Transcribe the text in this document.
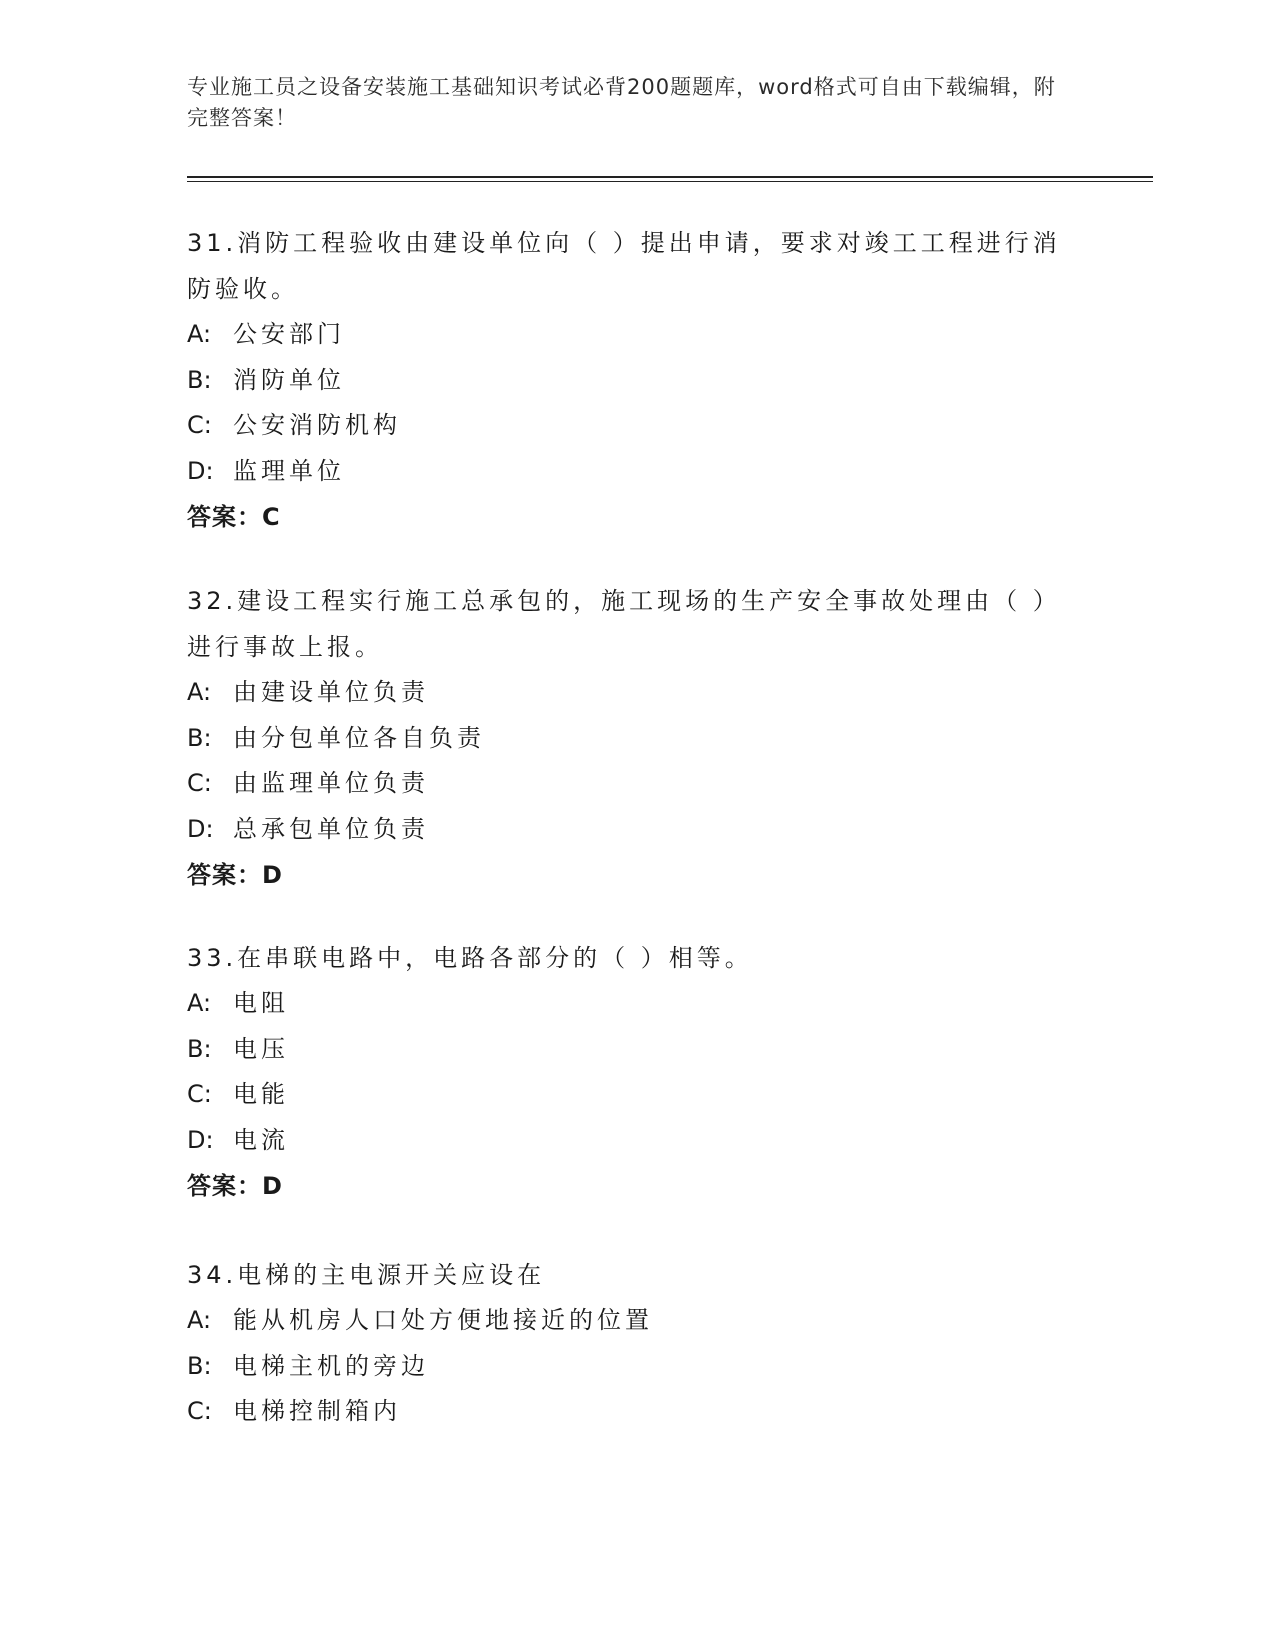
专业施工员之设备安装施工基础知识考试必背200题题库，word格式可自由下载编辑，附完整答案！

31.消防工程验收由建设单位向（ ）提出申请，要求对竣工工程进行消防验收。

A: 公安部门

B: 消防单位

C: 公安消防机构

D: 监理单位

答案：C

32.建设工程实行施工总承包的，施工现场的生产安全事故处理由（ ）进行事故上报。

A: 由建设单位负责

B: 由分包单位各自负责

C: 由监理单位负责

D: 总承包单位负责

答案：D

33.在串联电路中，电路各部分的（ ）相等。

A: 电阻

B: 电压

C: 电能

D: 电流

答案：D

34.电梯的主电源开关应设在

A: 能从机房人口处方便地接近的位置

B: 电梯主机的旁边

C: 电梯控制箱内
